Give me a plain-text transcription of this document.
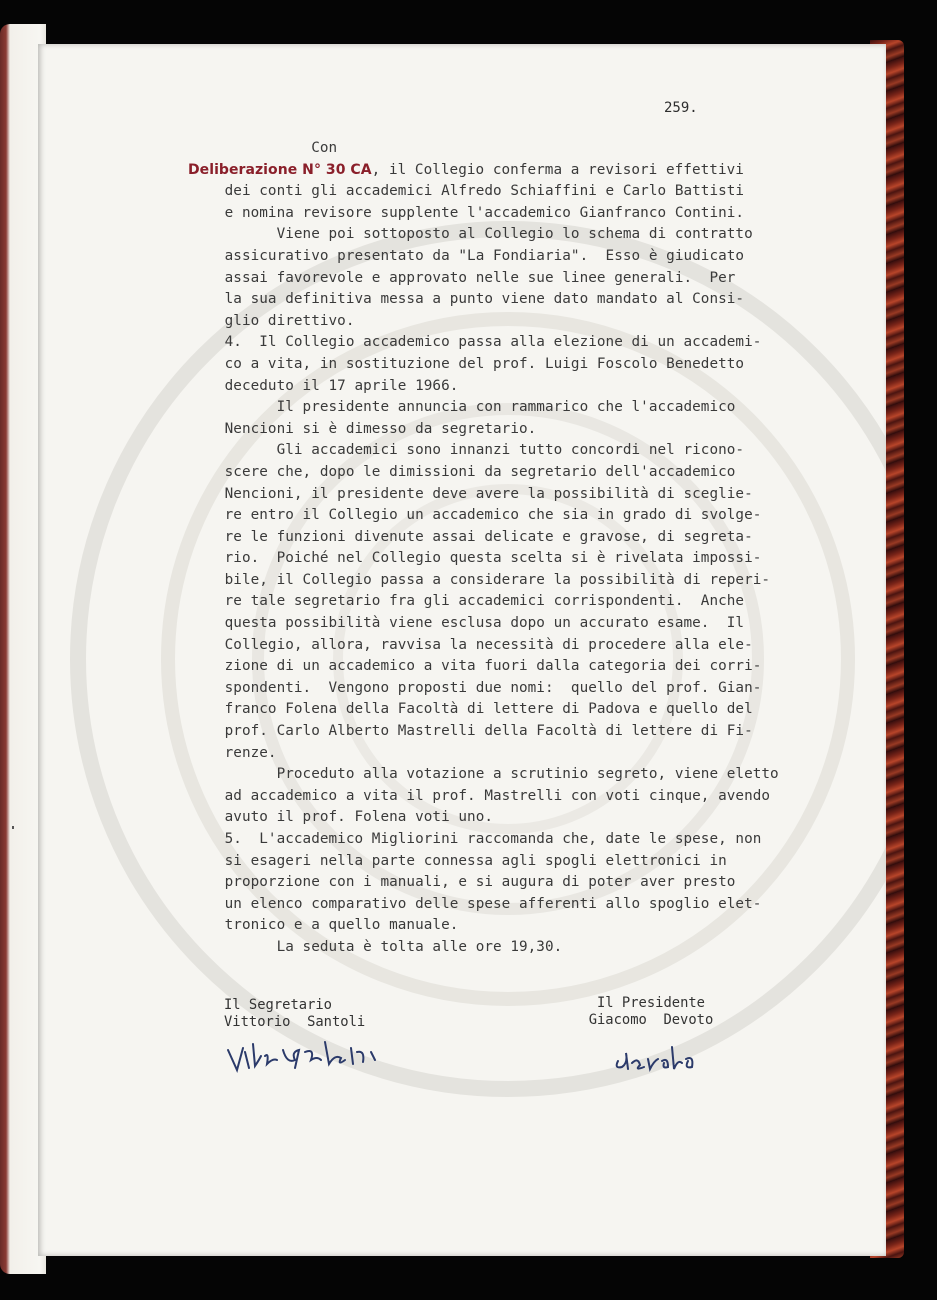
259.
Con
Deliberazione N° 30 CA, il Collegio conferma a revisori effettivi
dei conti gli accademici Alfredo Schiaffini e Carlo Battisti
e nomina revisore supplente l'accademico Gianfranco Contini.
Viene poi sottoposto al Collegio lo schema di contratto
assicurativo presentato da "La Fondiaria".  Esso è giudicato
assai favorevole e approvato nelle sue linee generali.  Per
la sua definitiva messa a punto viene dato mandato al Consi-
glio direttivo.
4.  Il Collegio accademico passa alla elezione di un accademi-
co a vita, in sostituzione del prof. Luigi Foscolo Benedetto
deceduto il 17 aprile 1966.
Il presidente annuncia con rammarico che l'accademico
Nencioni si è dimesso da segretario.
Gli accademici sono innanzi tutto concordi nel ricono-
scere che, dopo le dimissioni da segretario dell'accademico
Nencioni, il presidente deve avere la possibilità di sceglie-
re entro il Collegio un accademico che sia in grado di svolge-
re le funzioni divenute assai delicate e gravose, di segreta-
rio.  Poiché nel Collegio questa scelta si è rivelata impossi-
bile, il Collegio passa a considerare la possibilità di reperi-
re tale segretario fra gli accademici corrispondenti.  Anche
questa possibilità viene esclusa dopo un accurato esame.  Il
Collegio, allora, ravvisa la necessità di procedere alla ele-
zione di un accademico a vita fuori dalla categoria dei corri-
spondenti.  Vengono proposti due nomi:  quello del prof. Gian-
franco Folena della Facoltà di lettere di Padova e quello del
prof. Carlo Alberto Mastrelli della Facoltà di lettere di Fi-
renze.
Proceduto alla votazione a scrutinio segreto, viene eletto
ad accademico a vita il prof. Mastrelli con voti cinque, avendo
avuto il prof. Folena voti uno.
5.  L'accademico Migliorini raccomanda che, date le spese, non
si esageri nella parte connessa agli spogli elettronici in
proporzione con i manuali, e si augura di poter aver presto
un elenco comparativo delle spese afferenti allo spoglio elet-
tronico e a quello manuale.
La seduta è tolta alle ore 19,30.
Il Segretario
Vittorio  Santoli
Il Presidente
Giacomo  Devoto
